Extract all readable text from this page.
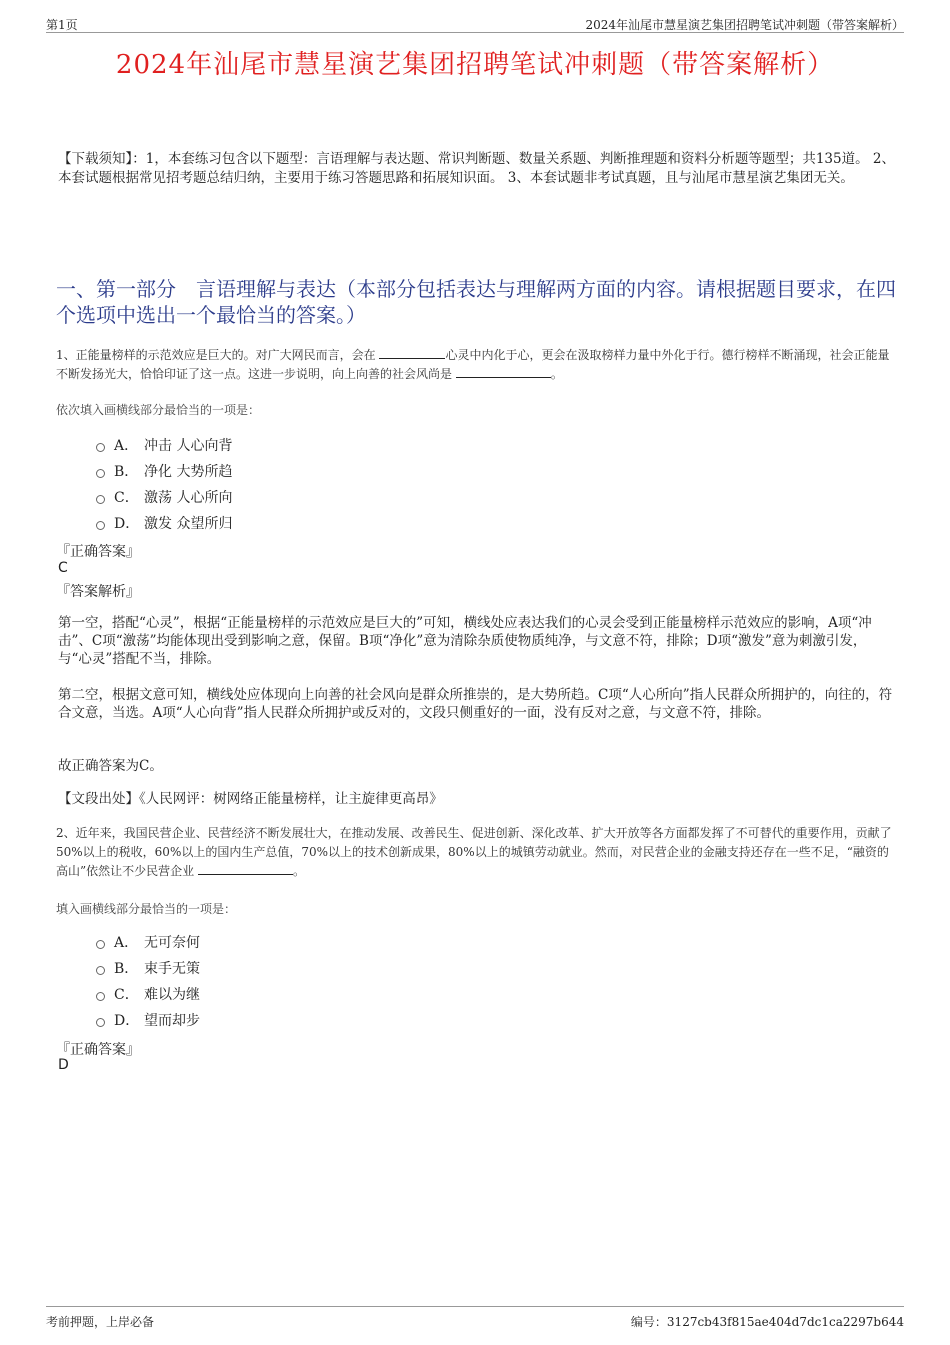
第1页	2024年汕尾市慧星演艺集团招聘笔试冲刺题（带答案解析）
2024年汕尾市慧星演艺集团招聘笔试冲刺题（带答案解析）
【下载须知】：1，本套练习包含以下题型：言语理解与表达题、常识判断题、数量关系题、判断推理题和资料分析题等题型；共135道。 2、本套试题根据常见招考题总结归纳，主要用于练习答题思路和拓展知识面。 3、本套试题非考试真题，且与汕尾市慧星演艺集团无关。
一、第一部分　言语理解与表达（本部分包括表达与理解两方面的内容。请根据题目要求，在四个选项中选出一个最恰当的答案。）
1、正能量榜样的示范效应是巨大的。对广大网民而言，会在	心灵中内化于心，更会在汲取榜样力量中外化于行。德行榜样不断涌现，社会正能量不断发扬光大，恰恰印证了这一点。这进一步说明，向上向善的社会风尚是	。
依次填入画横线部分最恰当的一项是：
A． 冲击 人心向背
B． 净化 大势所趋
C． 激荡 人心所向
D． 激发 众望所归
『正确答案』
C
『答案解析』
第一空，搭配“心灵”，根据“正能量榜样的示范效应是巨大的”可知，横线处应表达我们的心灵会受到正能量榜样示范效应的影响，A项“冲击”、C项“激荡”均能体现出受到影响之意，保留。B项“净化”意为清除杂质使物质纯净，与文意不符，排除；D项“激发”意为刺激引发，与“心灵”搭配不当，排除。
第二空，根据文意可知，横线处应体现向上向善的社会风向是群众所推崇的，是大势所趋。C项“人心所向”指人民群众所拥护的，向往的，符合文意，当选。A项“人心向背”指人民群众所拥护或反对的，文段只侧重好的一面，没有反对之意，与文意不符，排除。
故正确答案为C。
【文段出处】《人民网评：树网络正能量榜样，让主旋律更高昂》
2、近年来，我国民营企业、民营经济不断发展壮大，在推动发展、改善民生、促进创新、深化改革、扩大开放等各方面都发挥了不可替代的重要作用，贡献了50%以上的税收，60%以上的国内生产总值，70%以上的技术创新成果，80%以上的城镇劳动就业。然而，对民营企业的金融支持还存在一些不足，“融资的高山”依然让不少民营企业	。
填入画横线部分最恰当的一项是：
A． 无可奈何
B． 束手无策
C． 难以为继
D． 望而却步
『正确答案』
D
考前押题，上岸必备	编号：3127cb43f815ae404d7dc1ca2297b644
